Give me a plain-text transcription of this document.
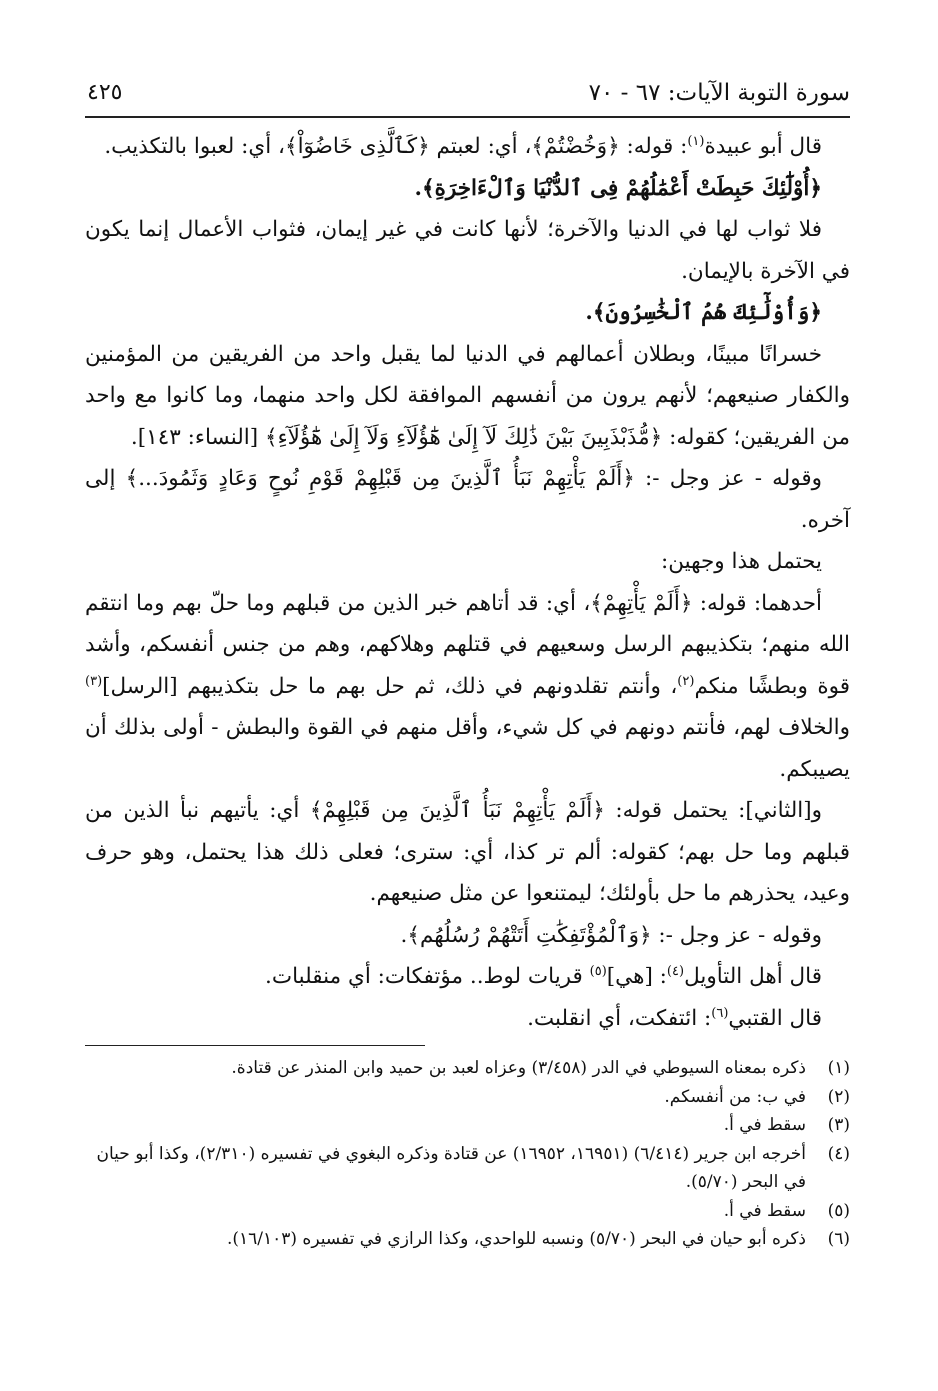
سورة التوبة الآيات: ٦٧ - ٧٠
٤٢٥

قال أبو عبيدة$^{(١)}$: قوله: ﴿وَخُضْتُمْ﴾، أي: لعبتم ﴿كَٱلَّذِى خَاضُوٓاْ﴾، أي: لعبوا بالتكذيب.

﴿أُوْلَٰٓئِكَ حَبِطَتْ أَعْمَٰلُهُمْ فِى ٱلدُّنْيَا وَٱلْءَاخِرَةِ﴾.

فلا ثواب لها في الدنيا والآخرة؛ لأنها كانت في غير إيمان، فثواب الأعمال إنما يكون في الآخرة بالإيمان.

﴿وَأُوْلَٰٓئِكَ هُمُ ٱلْخَٰسِرُونَ﴾.

خسرانًا مبينًا، وبطلان أعمالهم في الدنيا لما يقبل واحد من الفريقين من المؤمنين والكفار صنيعهم؛ لأنهم يرون من أنفسهم الموافقة لكل واحد منهما، وما كانوا مع واحد من الفريقين؛ كقوله: ﴿مُّذَبْذَبِينَ بَيْنَ ذَٰلِكَ لَآ إِلَىٰ هَٰٓؤُلَآءِ وَلَآ إِلَىٰ هَٰٓؤُلَآءِ﴾ [النساء: ١٤٣].

وقوله - عز وجل -: ﴿أَلَمْ يَأْتِهِمْ نَبَأُ ٱلَّذِينَ مِن قَبْلِهِمْ قَوْمِ نُوحٍ وَعَادٍ وَثَمُودَ...﴾ إلى آخره.

يحتمل هذا وجهين:

أحدهما: قوله: ﴿أَلَمْ يَأْتِهِمْ﴾، أي: قد أتاهم خبر الذين من قبلهم وما حلّ بهم وما انتقم الله منهم؛ بتكذيبهم الرسل وسعيهم في قتلهم وهلاكهم، وهم من جنس أنفسكم، وأشد قوة وبطشًا منكم$^{(٢)}$، وأنتم تقلدونهم في ذلك، ثم حل بهم ما حل بتكذيبهم [الرسل]$^{(٣)}$ والخلاف لهم، فأنتم دونهم في كل شيء، وأقل منهم في القوة والبطش - أولى بذلك أن يصيبكم.

و[الثاني]: يحتمل قوله: ﴿أَلَمْ يَأْتِهِمْ نَبَأُ ٱلَّذِينَ مِن قَبْلِهِمْ﴾ أي: يأتيهم نبأ الذين من قبلهم وما حل بهم؛ كقوله: ألم تر كذا، أي: سترى؛ فعلى ذلك هذا يحتمل، وهو حرف وعيد، يحذرهم ما حل بأولئك؛ ليمتنعوا عن مثل صنيعهم.

وقوله - عز وجل -: ﴿وَٱلْمُؤْتَفِكَٰتِ أَتَتْهُمْ رُسُلُهُم﴾.

قال أهل التأويل$^{(٤)}$: [هي]$^{(٥)}$ قريات لوط.. مؤتفكات: أي منقلبات.

قال القتبي$^{(٦)}$: ائتفكت، أي انقلبت.

(١)
ذكره بمعناه السيوطي في الدر (٣/٤٥٨) وعزاه لعبد بن حميد وابن المنذر عن قتادة.
(٢)
في ب: من أنفسكم.
(٣)
سقط في أ.
(٤)
أخرجه ابن جرير (٦/٤١٤) (١٦٩٥١، ١٦٩٥٢) عن قتادة وذكره البغوي في تفسيره (٢/٣١٠)، وكذا أبو حيان في البحر (٥/٧٠).
(٥)
سقط في أ.
(٦)
ذكره أبو حيان في البحر (٥/٧٠) ونسبه للواحدي، وكذا الرازي في تفسيره (١٦/١٠٣).
